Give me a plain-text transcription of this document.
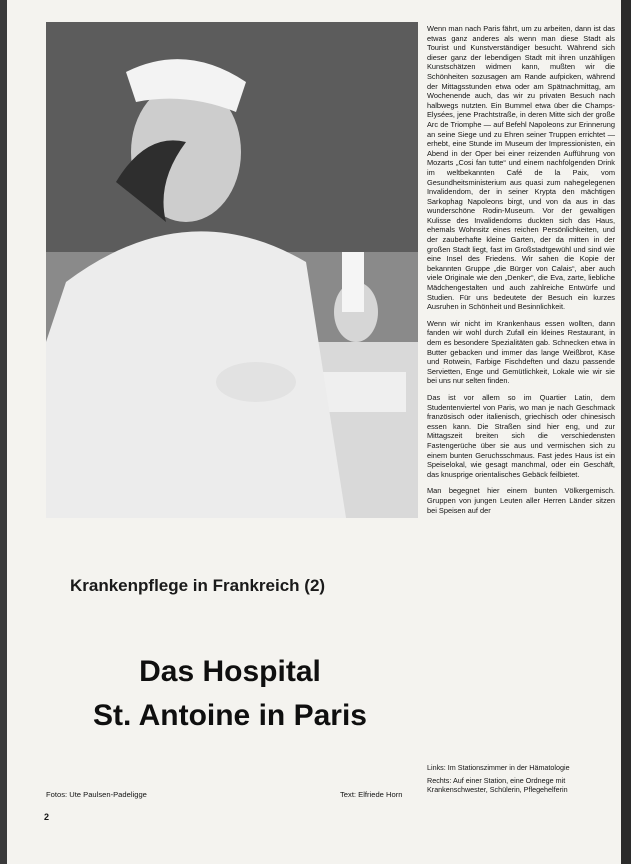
Wenn man nach Paris fährt, um zu arbeiten, dann ist das etwas ganz anderes als wenn man diese Stadt als Tourist und Kunstverständiger besucht. Während sich dieser ganz der lebendigen Stadt mit ihren unzähligen Kunstschätzen widmen kann, mußten wir die Schönheiten sozusagen am Rande aufpicken, während der Mittagsstunden etwa oder am Spätnachmittag, am Wochenende auch, das wir zu privaten Besuch nach halbwegs nutzten. Ein Bummel etwa über die Champs-Elysées, jene Prachtstraße, in deren Mitte sich der große Arc de Triomphe — auf Befehl Napoleons zur Erinnerung an seine Siege und zu Ehren seiner Truppen errichtet — erhebt, eine Stunde im Museum der Impressionisten, ein Abend in der Oper bei einer reizenden Aufführung von Mozarts „Cosi fan tutte“ und einem nachfolgenden Drink im weltbekannten Café de la Paix, vom Gesundheitsministerium aus quasi zum nahegelegenen Invalidendom, der in seiner Krypta den mächtigen Sarkophag Napoleons birgt, und von da aus in das wunderschöne Rodin-Museum. Vor der gewaltigen Kulisse des Invalidendoms duckten sich das Haus, ehemals Wohnsitz eines reichen Persönlichkeiten, und der zauberhafte kleine Garten, der da mitten in der großen Stadt liegt, fast im Großstadtgewühl und sind wie eine Insel des Friedens. Wir sahen die Kopie der bekannten Gruppe „die Bürger von Calais“, aber auch viele Originale wie den „Denker“, die Eva, zarte, liebliche Mädchengestalten und auch zahlreiche Entwürfe und Studien. Für uns bedeutete der Besuch ein kurzes Ausruhen in Schönheit und Besinnlichkeit.

Wenn wir nicht im Krankenhaus essen wollten, dann fanden wir wohl durch Zufall ein kleines Restaurant, in dem es besondere Spezialitäten gab. Schnecken etwa in Butter gebacken und immer das lange Weißbrot, Käse und Rotwein, Farbige Fischdeften und dazu passende Servietten, Enge und Gemütlichkeit, Lokale wie wir sie bei uns nur selten finden.

Das ist vor allem so im Quartier Latin, dem Studentenviertel von Paris, wo man je nach Geschmack französisch oder italienisch, griechisch oder chinesisch essen kann. Die Straßen sind hier eng, und zur Mittagszeit breiten sich die verschiedensten Fastengerüche über sie aus und vermischen sich zu einem bunten Geruchsschmaus. Fast jedes Haus ist ein Speiselokal, wie gesagt manchmal, oder ein Geschäft, das knusprige orientalisches Gebäck feilbietet.

Man begegnet hier einem bunten Völkergemisch. Gruppen von jungen Leuten aller Herren Länder sitzen bei Speisen auf der

Krankenpflege in Frankreich (2)
Das Hospital
St. Antoine in Paris

Links: Im Stationszimmer in der Hämatologie

Rechts: Auf einer Station, eine Ordnege mit Krankenschwester, Schülerin, Pflegehelferin

Fotos: Ute Paulsen-Padeligge	Text: Elfriede Horn
2
